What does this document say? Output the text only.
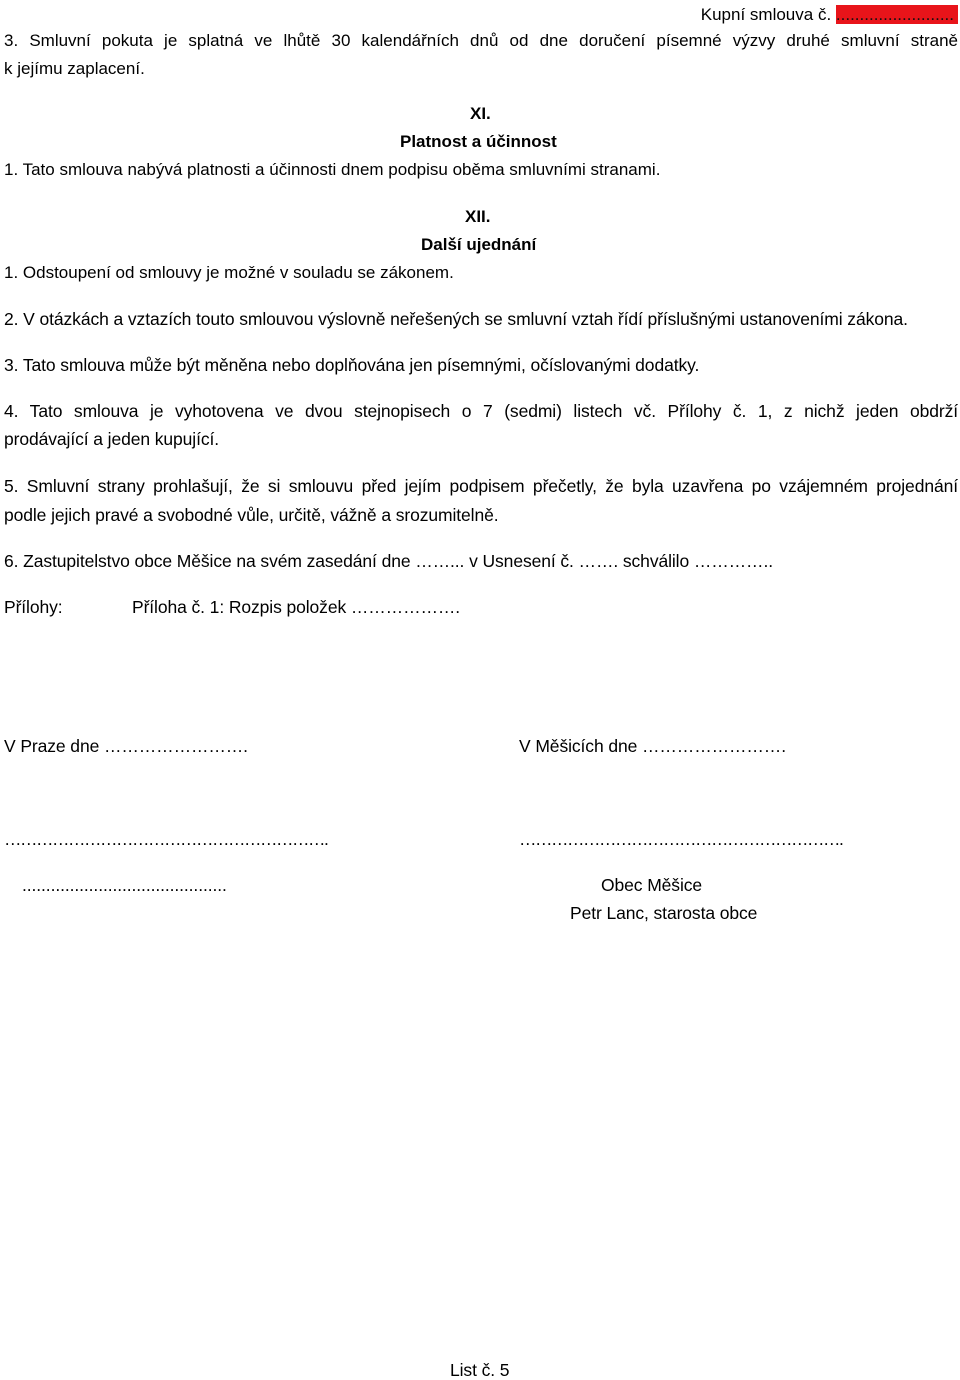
Kupní smlouva č. .........................
3. Smluvní pokuta je splatná ve lhůtě 30 kalendářních dnů od dne doručení písemné výzvy druhé smluvní straně
k jejímu zaplacení.
XI.
Platnost a účinnost
1. Tato smlouva nabývá platnosti a účinnosti dnem podpisu oběma smluvními stranami.
XII.
Další ujednání
1. Odstoupení od smlouvy je možné v souladu se zákonem.
2. V otázkách a vztazích touto smlouvou výslovně neřešených se smluvní vztah řídí příslušnými ustanoveními zákona.
3. Tato smlouva může být měněna nebo doplňována jen písemnými, očíslovanými dodatky.
4. Tato smlouva je vyhotovena ve dvou stejnopisech o 7 (sedmi) listech vč. Přílohy č. 1, z nichž jeden obdrží
prodávající a jeden kupující.
5. Smluvní strany prohlašují, že si smlouvu před jejím podpisem přečetly, že byla uzavřena po vzájemném projednání
podle jejich pravé a svobodné vůle, určitě, vážně a srozumitelně.
6. Zastupitelstvo obce Měšice na svém zasedání dne ……... v Usnesení č. ……. schválilo …………..
Přílohy:	Příloha č. 1: Rozpis položek ……………….
V Praze dne …………………….	V Měšicích dne …………………….
…………………………………………………….	…………………………………………………….
...........................................	Obec Měšice
Petr Lanc, starosta obce
List č. 5
